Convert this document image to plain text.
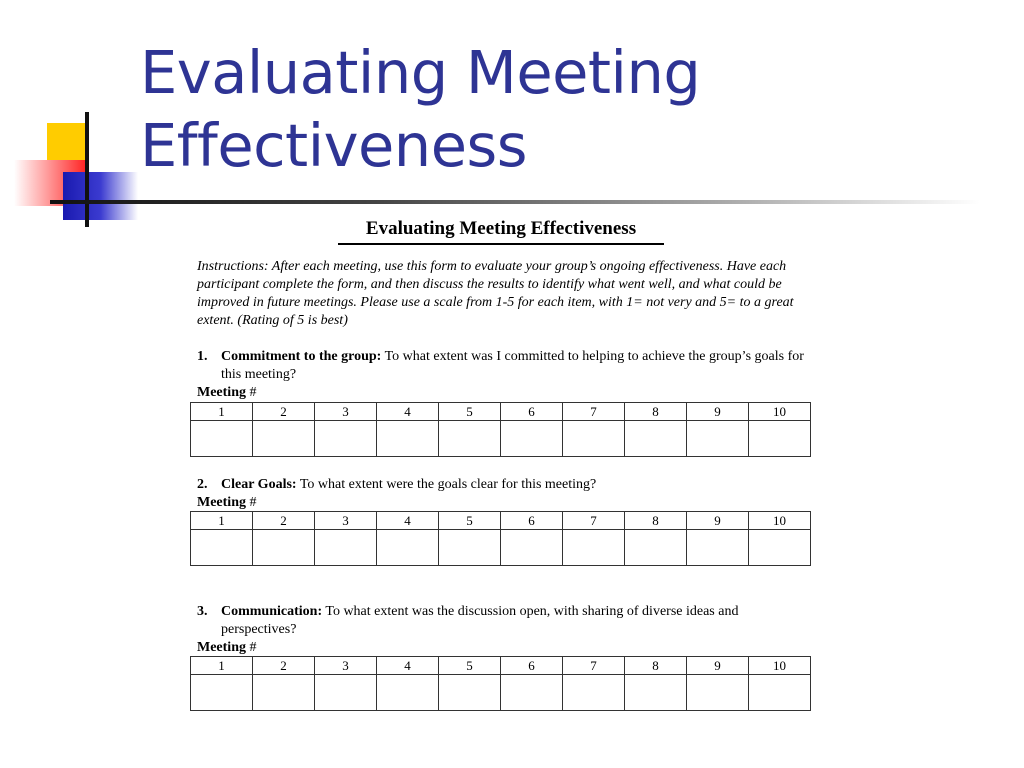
Evaluating Meeting
Effectiveness
Evaluating Meeting Effectiveness

Instructions: After each meeting, use this form to evaluate your group’s ongoing effectiveness. Have each participant complete the form, and then discuss the results to identify what went well, and what could be improved in future meetings. Please use a scale from 1-5 for each item, with 1= not very and 5= to a great extent. (Rating of 5 is best)

1. Commitment to the group: To what extent was I committed to helping to achieve the group’s goals for this meeting?
Meeting #
1	2	3	4	5	6	7	8	9	10

2. Clear Goals: To what extent were the goals clear for this meeting?
Meeting #
1	2	3	4	5	6	7	8	9	10

3. Communication: To what extent was the discussion open, with sharing of diverse ideas and perspectives?
Meeting #
1	2	3	4	5	6	7	8	9	10
